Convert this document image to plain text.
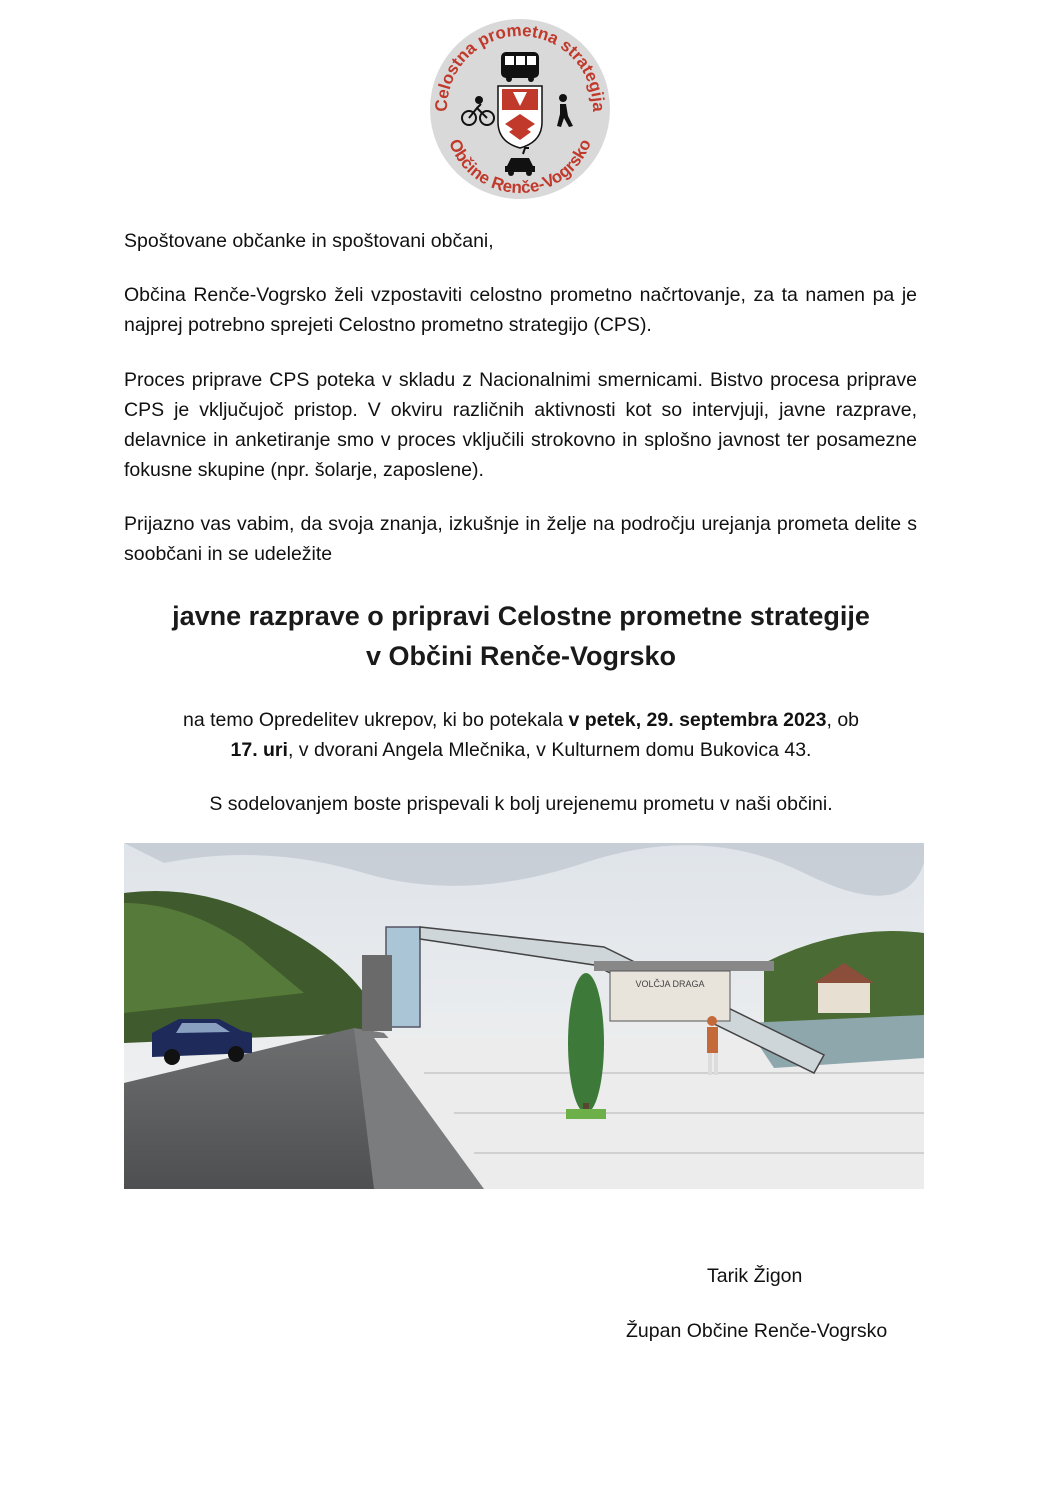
Celostna prometna strategija
Občine Renče-Vogrsko

Spoštovane občanke in spoštovani občani,

Občina Renče-Vogrsko želi vzpostaviti celostno prometno načrtovanje, za ta namen pa je najprej potrebno sprejeti Celostno prometno strategijo (CPS).

Proces priprave CPS poteka v skladu z Nacionalnimi smernicami. Bistvo procesa priprave CPS je vključujoč pristop. V okviru različnih aktivnosti kot so intervjuji, javne razprave, delavnice in anketiranje smo v proces vključili strokovno in splošno javnost ter posamezne fokusne skupine (npr. šolarje, zaposlene).

Prijazno vas vabim, da svoja znanja, izkušnje in želje na področju urejanja prometa delite s soobčani in se udeležite

javne razprave o pripravi Celostne prometne strategije
v Občini Renče-Vogrsko
na temo Opredelitev ukrepov, ki bo potekala v petek, 29. septembra 2023, ob
17. uri, v dvorani Angela Mlečnika, v Kulturnem domu Bukovica 43.
S sodelovanjem boste prispevali k bolj urejenemu prometu v naši občini.
VOLČJA DRAGA
Tarik Žigon
Župan Občine Renče-Vogrsko
